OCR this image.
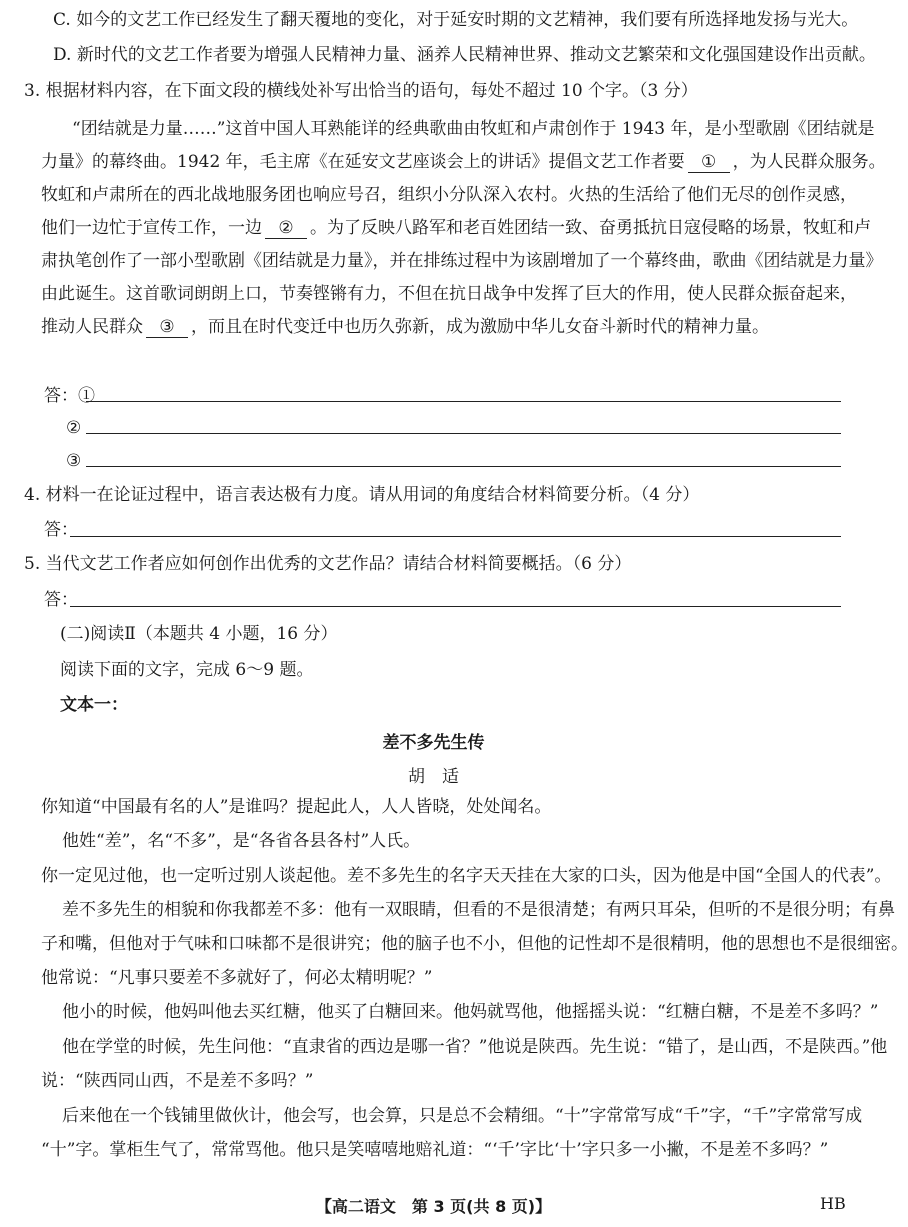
C. 如今的文艺工作已经发生了翻天覆地的变化，对于延安时期的文艺精神，我们要有所选择地发扬与光大。
D. 新时代的文艺工作者要为增强人民精神力量、涵养人民精神世界、推动文艺繁荣和文化强国建设作出贡献。
3. 根据材料内容，在下面文段的横线处补写出恰当的语句，每处不超过 10 个字。（3 分）
“团结就是力量……”这首中国人耳熟能详的经典歌曲由牧虹和卢肃创作于 1943 年，是小型歌剧《团结就是
力量》的幕终曲。1942 年，毛主席《在延安文艺座谈会上的讲话》提倡文艺工作者要 ① ，为人民群众服务。
牧虹和卢肃所在的西北战地服务团也响应号召，组织小分队深入农村。火热的生活给了他们无尽的创作灵感，
他们一边忙于宣传工作，一边 ② 。为了反映八路军和老百姓团结一致、奋勇抵抗日寇侵略的场景，牧虹和卢
肃执笔创作了一部小型歌剧《团结就是力量》，并在排练过程中为该剧增加了一个幕终曲，歌曲《团结就是力量》
由此诞生。这首歌词朗朗上口，节奏铿锵有力，不但在抗日战争中发挥了巨大的作用，使人民群众振奋起来，
推动人民群众 ③ ，而且在时代变迁中也历久弥新，成为激励中华儿女奋斗新时代的精神力量。
答：①
②
③
4. 材料一在论证过程中，语言表达极有力度。请从用词的角度结合材料简要分析。（4 分）
答：
5. 当代文艺工作者应如何创作出优秀的文艺作品？请结合材料简要概括。（6 分）
答：
(二)阅读Ⅱ（本题共 4 小题，16 分）
阅读下面的文字，完成 6～9 题。
文本一：
差不多先生传
胡　适
你知道“中国最有名的人”是谁吗？提起此人，人人皆晓，处处闻名。
他姓“差”，名“不多”，是“各省各县各村”人氏。
你一定见过他，也一定听过别人谈起他。差不多先生的名字天天挂在大家的口头，因为他是中国“全国人的代表”。
差不多先生的相貌和你我都差不多：他有一双眼睛，但看的不是很清楚；有两只耳朵，但听的不是很分明；有鼻
子和嘴，但他对于气味和口味都不是很讲究；他的脑子也不小，但他的记性却不是很精明，他的思想也不是很细密。
他常说：“凡事只要差不多就好了，何必太精明呢？”
他小的时候，他妈叫他去买红糖，他买了白糖回来。他妈就骂他，他摇摇头说：“红糖白糖，不是差不多吗？”
他在学堂的时候，先生问他：“直隶省的西边是哪一省？”他说是陕西。先生说：“错了，是山西，不是陕西。”他
说：“陕西同山西，不是差不多吗？”
后来他在一个钱铺里做伙计，他会写，也会算，只是总不会精细。“十”字常常写成“千”字，“千”字常常写成
“十”字。掌柜生气了，常常骂他。他只是笑嘻嘻地赔礼道：“‘千’字比‘十’字只多一小撇，不是差不多吗？”
【高二语文　第 3 页(共 8 页)】	HB
